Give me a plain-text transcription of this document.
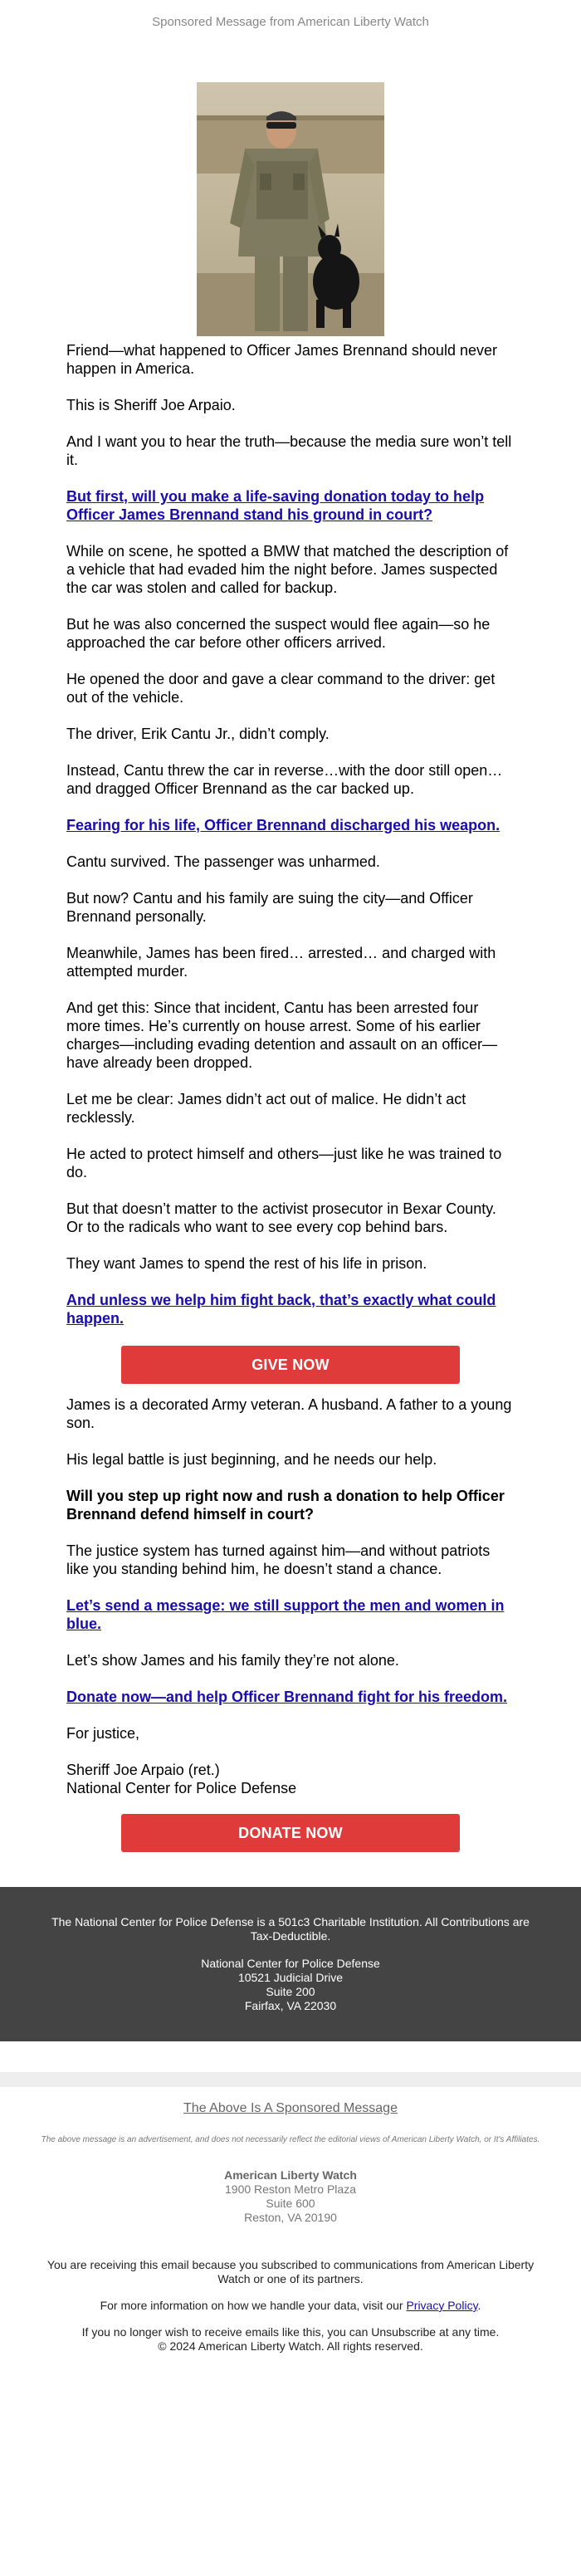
Sponsored Message from American Liberty Watch

Friend—what happened to Officer James Brennand should never happen in America.

This is Sheriff Joe Arpaio.

And I want you to hear the truth—because the media sure won’t tell it.

But first, will you make a life-saving donation today to help Officer James Brennand stand his ground in court?

While on scene, he spotted a BMW that matched the description of a vehicle that had evaded him the night before. James suspected the car was stolen and called for backup.

But he was also concerned the suspect would flee again—so he approached the car before other officers arrived.

He opened the door and gave a clear command to the driver: get out of the vehicle.

The driver, Erik Cantu Jr., didn’t comply.

Instead, Cantu threw the car in reverse…with the door still open…and dragged Officer Brennand as the car backed up.

Fearing for his life, Officer Brennand discharged his weapon.

Cantu survived. The passenger was unharmed.

But now? Cantu and his family are suing the city—and Officer Brennand personally.

Meanwhile, James has been fired… arrested… and charged with attempted murder.

And get this: Since that incident, Cantu has been arrested four more times. He’s currently on house arrest. Some of his earlier charges—including evading detention and assault on an officer—have already been dropped.

Let me be clear: James didn’t act out of malice. He didn’t act recklessly.

He acted to protect himself and others—just like he was trained to do.

But that doesn’t matter to the activist prosecutor in Bexar County. Or to the radicals who want to see every cop behind bars.

They want James to spend the rest of his life in prison.

And unless we help him fight back, that’s exactly what could happen.

GIVE NOW

James is a decorated Army veteran. A husband. A father to a young son.

His legal battle is just beginning, and he needs our help.

Will you step up right now and rush a donation to help Officer Brennand defend himself in court?

The justice system has turned against him—and without patriots like you standing behind him, he doesn’t stand a chance.

Let’s send a message: we still support the men and women in blue.

Let’s show James and his family they’re not alone.

Donate now—and help Officer Brennand fight for his freedom.

For justice,

Sheriff Joe Arpaio (ret.)
National Center for Police Defense

DONATE NOW

The National Center for Police Defense is a 501c3 Charitable Institution. All Contributions are Tax-Deductible.

National Center for Police Defense
10521 Judicial Drive
Suite 200
Fairfax, VA 22030
The Above Is A Sponsored Message
The above message is an advertisement, and does not necessarily reflect the editorial views of American Liberty Watch, or It's Affiliates.
American Liberty Watch
1900 Reston Metro Plaza
Suite 600
Reston, VA 20190

You are receiving this email because you subscribed to communications from American Liberty Watch or one of its partners.

For more information on how we handle your data, visit our Privacy Policy.

If you no longer wish to receive emails like this, you can Unsubscribe at any time.
© 2024 American Liberty Watch. All rights reserved.
